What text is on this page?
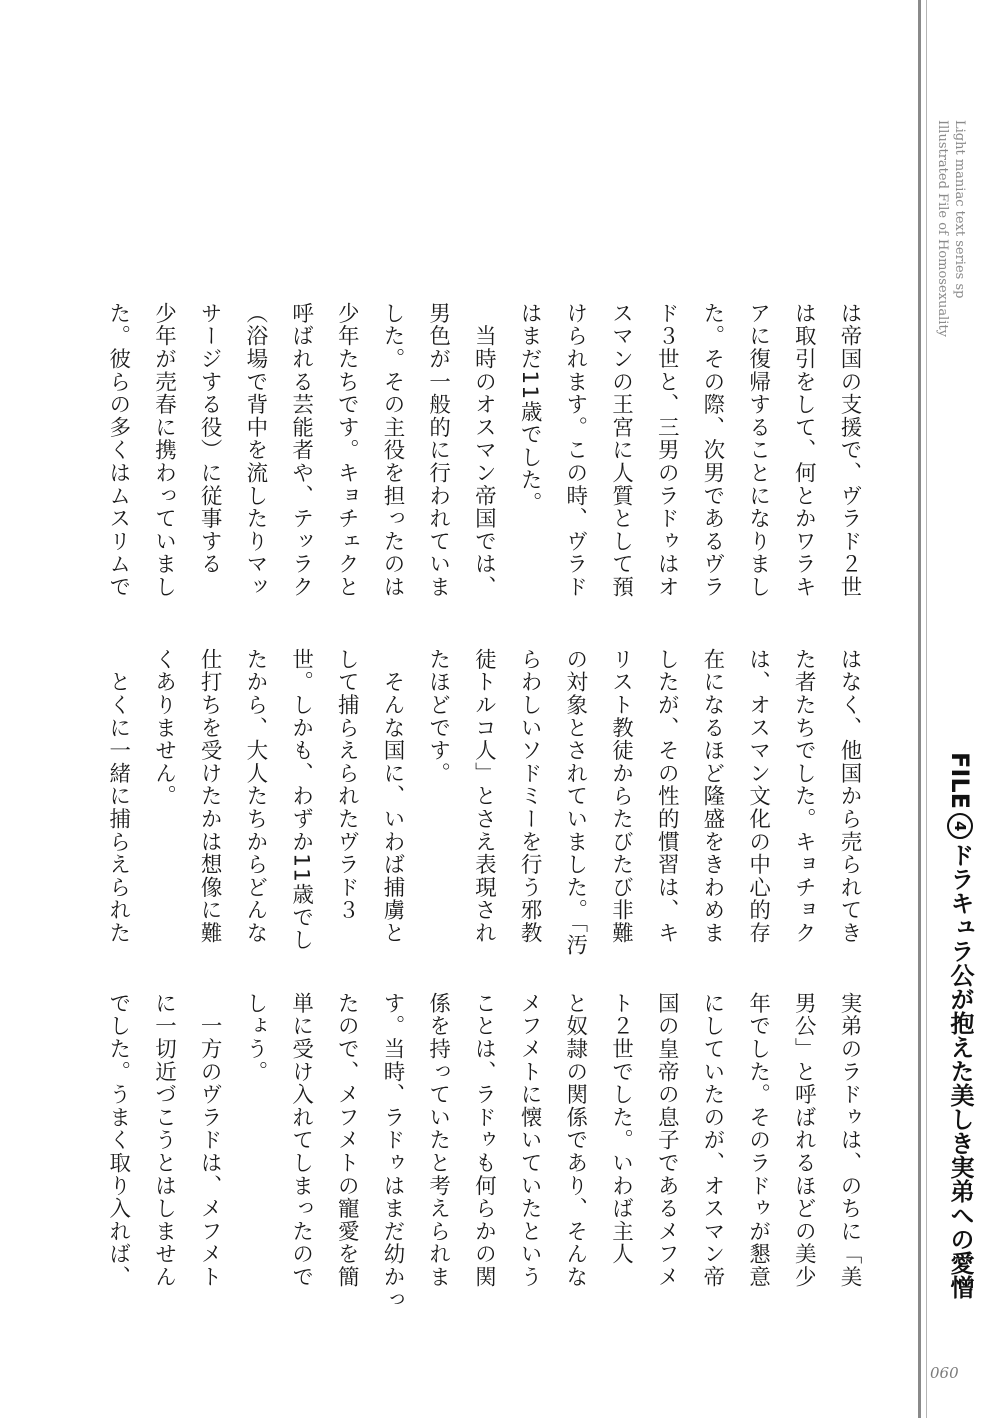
Light maniac text series sp
Illustrated File of Homosexuality
FILE4ドラキュラ公が抱えた美しき実弟への愛憎
は帝国の支援で、ヴラド２世
は取引をして、何とかワラキ
アに復帰することになりまし
た。その際、次男であるヴラ
ド３世と、三男のラドゥはオ
スマンの王宮に人質として預
けられます。この時、ヴラド
はまだ11歳でした。
　当時のオスマン帝国では、
男色が一般的に行われていま
した。その主役を担ったのは
少年たちです。キョチェクと
呼ばれる芸能者や、テッラク
（浴場で背中を流したりマッ
サージする役）に従事する
少年が売春に携わっていまし
た。彼らの多くはムスリムで
はなく、他国から売られてき
た者たちでした。キョチョク
は、オスマン文化の中心的存
在になるほど隆盛をきわめま
したが、その性的慣習は、キ
リスト教徒からたびたび非難
の対象とされていました。「汚
らわしいソドミーを行う邪教
徒トルコ人」とさえ表現され
たほどです。
　そんな国に、いわば捕虜と
して捕らえられたヴラド３
世。しかも、わずか11歳でし
たから、大人たちからどんな
仕打ちを受けたかは想像に難
くありません。
　とくに一緒に捕らえられた
実弟のラドゥは、のちに「美
男公」と呼ばれるほどの美少
年でした。そのラドゥが懇意
にしていたのが、オスマン帝
国の皇帝の息子であるメフメ
ト２世でした。いわば主人
と奴隷の関係であり、そんな
メフメトに懐いていたという
ことは、ラドゥも何らかの関
係を持っていたと考えられま
す。当時、ラドゥはまだ幼かっ
たので、メフメトの寵愛を簡
単に受け入れてしまったので
しょう。
　一方のヴラドは、メフメト
に一切近づこうとはしません
でした。うまく取り入れば、
060
